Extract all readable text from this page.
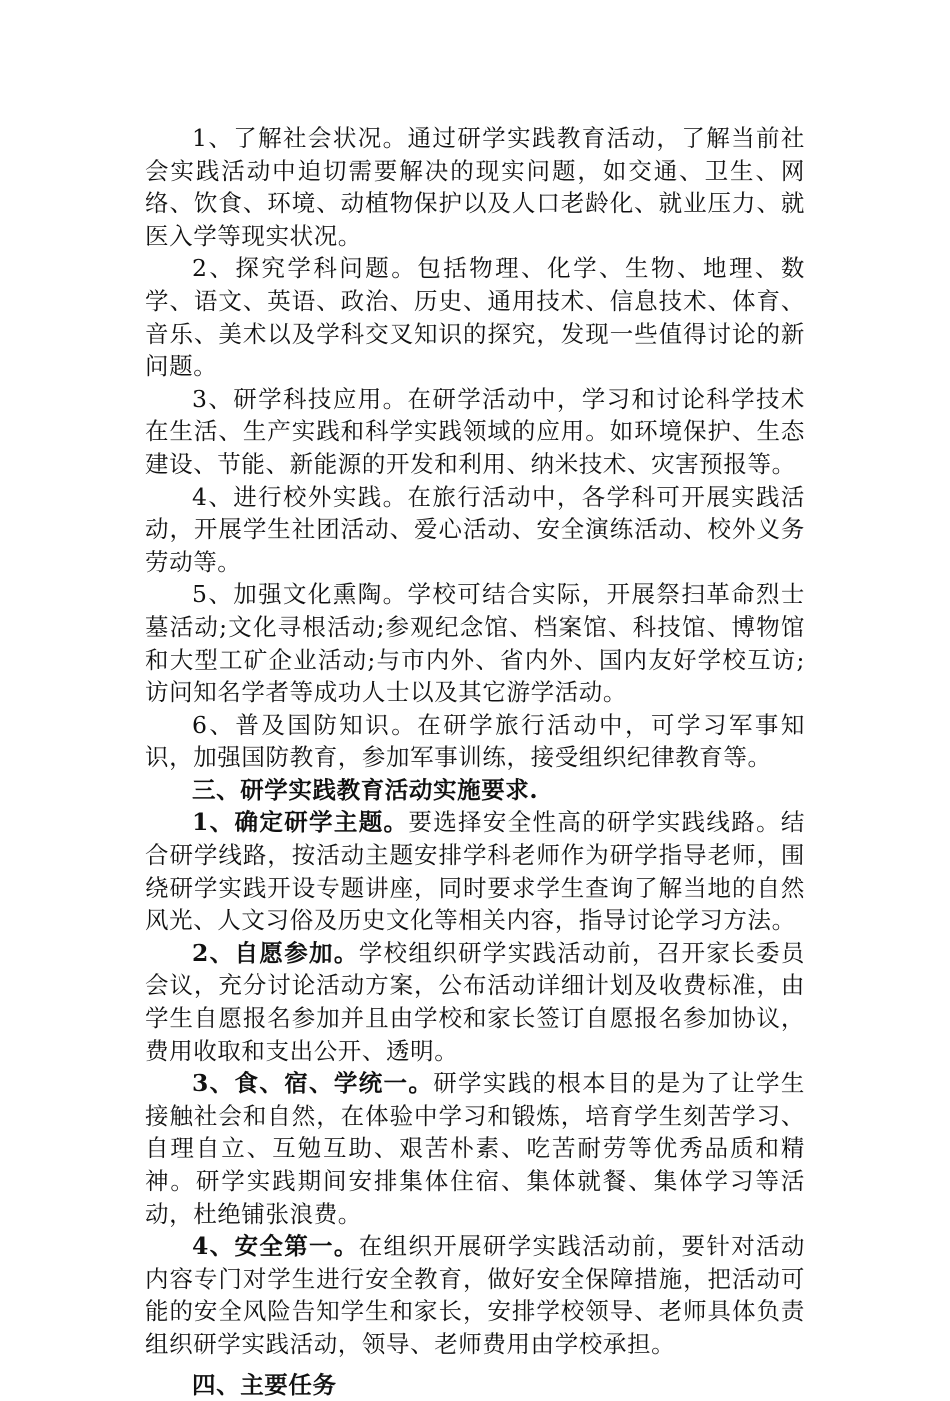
1、了解社会状况。通过研学实践教育活动，了解当前社会实践活动中迫切需要解决的现实问题，如交通、卫生、网络、饮食、环境、动植物保护以及人口老龄化、就业压力、就医入学等现实状况。

2、探究学科问题。包括物理、化学、生物、地理、数学、语文、英语、政治、历史、通用技术、信息技术、体育、音乐、美术以及学科交叉知识的探究，发现一些值得讨论的新问题。

3、研学科技应用。在研学活动中，学习和讨论科学技术在生活、生产实践和科学实践领域的应用。如环境保护、生态建设、节能、新能源的开发和利用、纳米技术、灾害预报等。

4、进行校外实践。在旅行活动中，各学科可开展实践活动，开展学生社团活动、爱心活动、安全演练活动、校外义务劳动等。

5、加强文化熏陶。学校可结合实际，开展祭扫革命烈士墓活动;文化寻根活动;参观纪念馆、档案馆、科技馆、博物馆和大型工矿企业活动;与市内外、省内外、国内友好学校互访;访问知名学者等成功人士以及其它游学活动。

6、普及国防知识。在研学旅行活动中，可学习军事知识，加强国防教育，参加军事训练，接受组织纪律教育等。

三、研学实践教育活动实施要求.

1、确定研学主题。要选择安全性高的研学实践线路。结合研学线路，按活动主题安排学科老师作为研学指导老师，围绕研学实践开设专题讲座，同时要求学生查询了解当地的自然风光、人文习俗及历史文化等相关内容，指导讨论学习方法。

2、自愿参加。学校组织研学实践活动前，召开家长委员会议，充分讨论活动方案，公布活动详细计划及收费标准，由学生自愿报名参加并且由学校和家长签订自愿报名参加协议，费用收取和支出公开、透明。

3、食、宿、学统一。研学实践的根本目的是为了让学生接触社会和自然，在体验中学习和锻炼，培育学生刻苦学习、自理自立、互勉互助、艰苦朴素、吃苦耐劳等优秀品质和精神。研学实践期间安排集体住宿、集体就餐、集体学习等活动，杜绝铺张浪费。

4、安全第一。在组织开展研学实践活动前，要针对活动内容专门对学生进行安全教育，做好安全保障措施，把活动可能的安全风险告知学生和家长，安排学校领导、老师具体负责组织研学实践活动，领导、老师费用由学校承担。

四、主要任务
